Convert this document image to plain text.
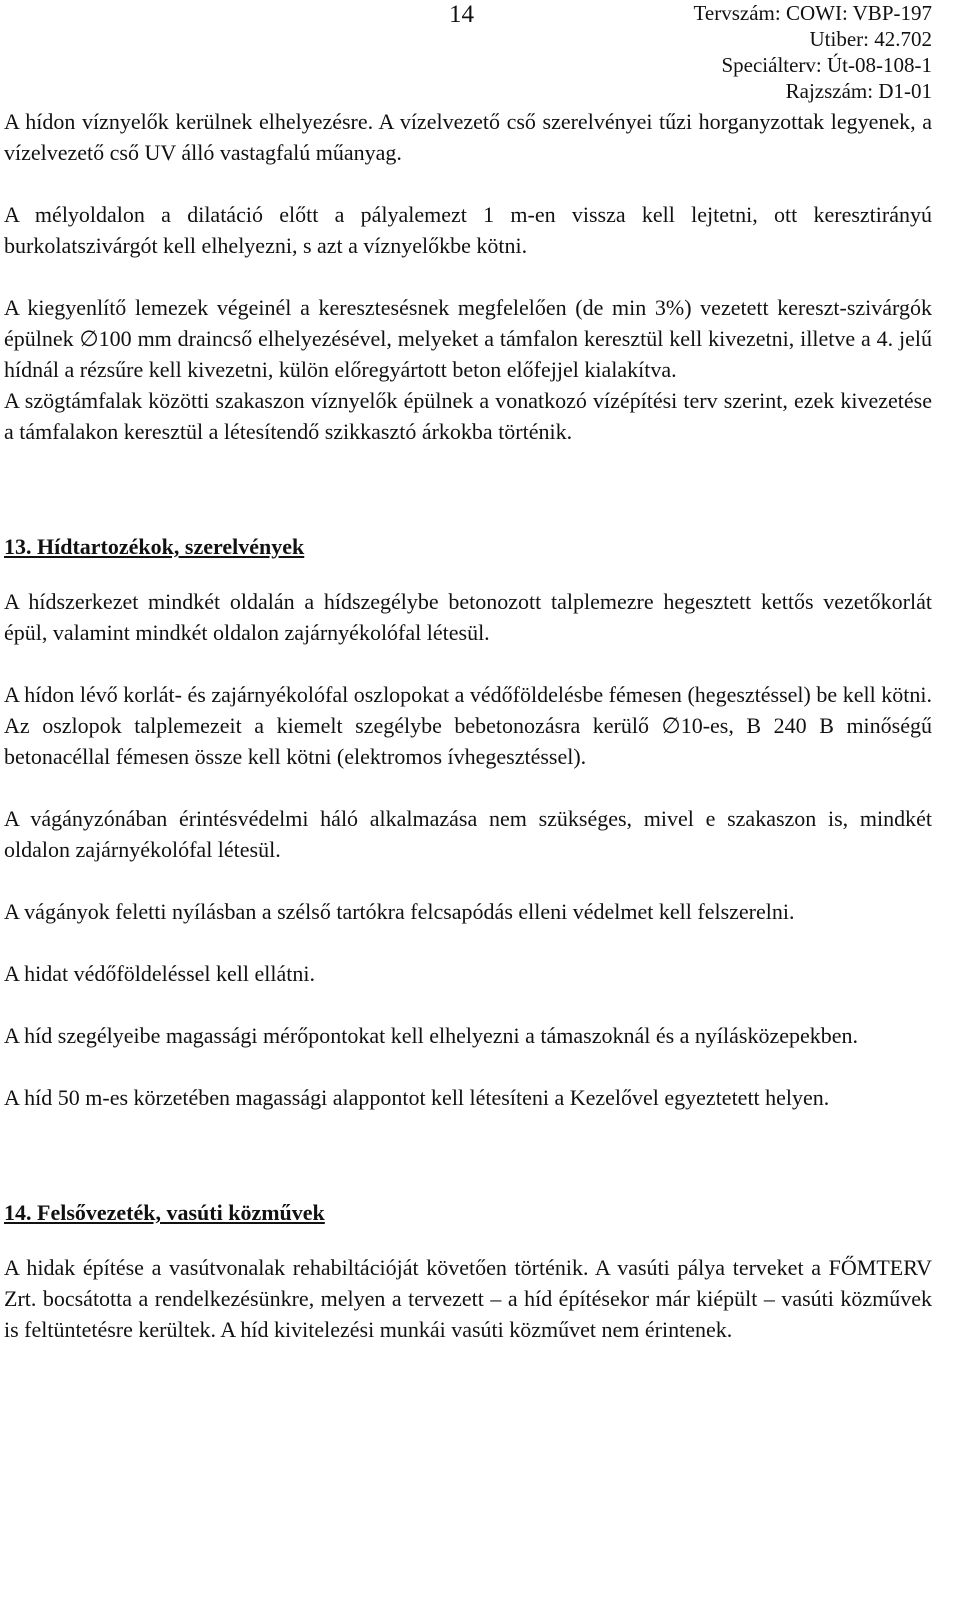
14	Tervszám: COWI: VBP-197
Utiber: 42.702
Speciálterv: Út-08-108-1
Rajzszám: D1-01

A hídon víznyelők kerülnek elhelyezésre. A vízelvezető cső szerelvényei tűzi horganyzottak legyenek, a vízelvezető cső UV álló vastagfalú műanyag.

A mélyoldalon a dilatáció előtt a pályalemezt 1 m-en vissza kell lejtetni, ott keresztirányú burkolatszivárgót kell elhelyezni, s azt a víznyelőkbe kötni.

A kiegyenlítő lemezek végeinél a keresztesésnek megfelelően (de min 3%) vezetett kereszt-szivárgók épülnek ∅100 mm draincső elhelyezésével, melyeket a támfalon keresztül kell kivezetni, illetve a 4. jelű hídnál a rézsűre kell kivezetni, külön előregyártott beton előfejjel kialakítva.

A szögtámfalak közötti szakaszon víznyelők épülnek a vonatkozó vízépítési terv szerint, ezek kivezetése a támfalakon keresztül a létesítendő szikkasztó árkokba történik.

13. Hídtartozékok, szerelvények

A hídszerkezet mindkét oldalán a hídszegélybe betonozott talplemezre hegesztett kettős vezetőkorlát épül, valamint mindkét oldalon zajárnyékolófal létesül.

A hídon lévő korlát- és zajárnyékolófal oszlopokat a védőföldelésbe fémesen (hegesztéssel) be kell kötni. Az oszlopok talplemezeit a kiemelt szegélybe bebetonozásra kerülő ∅10-es, B 240 B minőségű betonacéllal fémesen össze kell kötni (elektromos ívhegesztéssel).

A vágányzónában érintésvédelmi háló alkalmazása nem szükséges, mivel e szakaszon is, mindkét oldalon zajárnyékolófal létesül.

A vágányok feletti nyílásban a szélső tartókra felcsapódás elleni védelmet kell felszerelni.

A hidat védőföldeléssel kell ellátni.

A híd szegélyeibe magassági mérőpontokat kell elhelyezni a támaszoknál és a nyílásközepekben.

A híd 50 m-es körzetében magassági alappontot kell létesíteni a Kezelővel egyeztetett helyen.

14. Felsővezeték, vasúti közművek

A hidak építése a vasútvonalak rehabiltációját követően történik. A vasúti pálya terveket a FŐMTERV Zrt. bocsátotta a rendelkezésünkre, melyen a tervezett – a híd építésekor már kiépült – vasúti közművek is feltüntetésre kerültek. A híd kivitelezési munkái vasúti közművet nem érintenek.
